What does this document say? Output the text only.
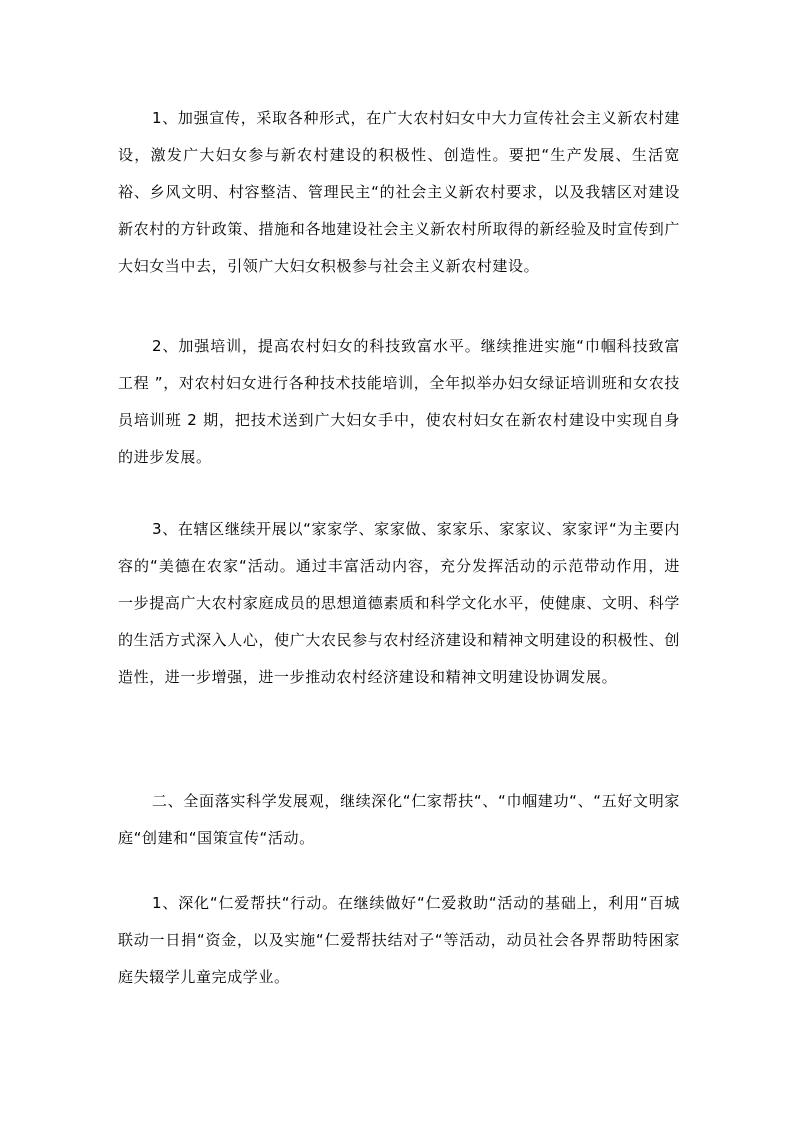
1、加强宣传，采取各种形式，在广大农村妇女中大力宣传社会主义新农村建设，激发广大妇女参与新农村建设的积极性、创造性。要把“生产发展、生活宽裕、乡风文明、村容整洁、管理民主“的社会主义新农村要求，以及我辖区对建设新农村的方针政策、措施和各地建设社会主义新农村所取得的新经验及时宣传到广大妇女当中去，引领广大妇女积极参与社会主义新农村建设。

2、加强培训，提高农村妇女的科技致富水平。继续推进实施“巾帼科技致富工程 ”，对农村妇女进行各种技术技能培训，全年拟举办妇女绿证培训班和女农技员培训班 2 期，把技术送到广大妇女手中，使农村妇女在新农村建设中实现自身的进步发展。

3、在辖区继续开展以“家家学、家家做、家家乐、家家议、家家评“为主要内容的“美德在农家“活动。通过丰富活动内容，充分发挥活动的示范带动作用，进一步提高广大农村家庭成员的思想道德素质和科学文化水平，使健康、文明、科学的生活方式深入人心，使广大农民参与农村经济建设和精神文明建设的积极性、创造性，进一步增强，进一步推动农村经济建设和精神文明建设协调发展。

二、全面落实科学发展观，继续深化“仁家帮扶“、“巾帼建功“、“五好文明家庭“创建和“国策宣传“活动。

1、深化“仁爱帮扶“行动。在继续做好“仁爱救助“活动的基础上，利用“百城联动一日捐“资金，以及实施“仁爱帮扶结对子“等活动，动员社会各界帮助特困家庭失辍学儿童完成学业。
